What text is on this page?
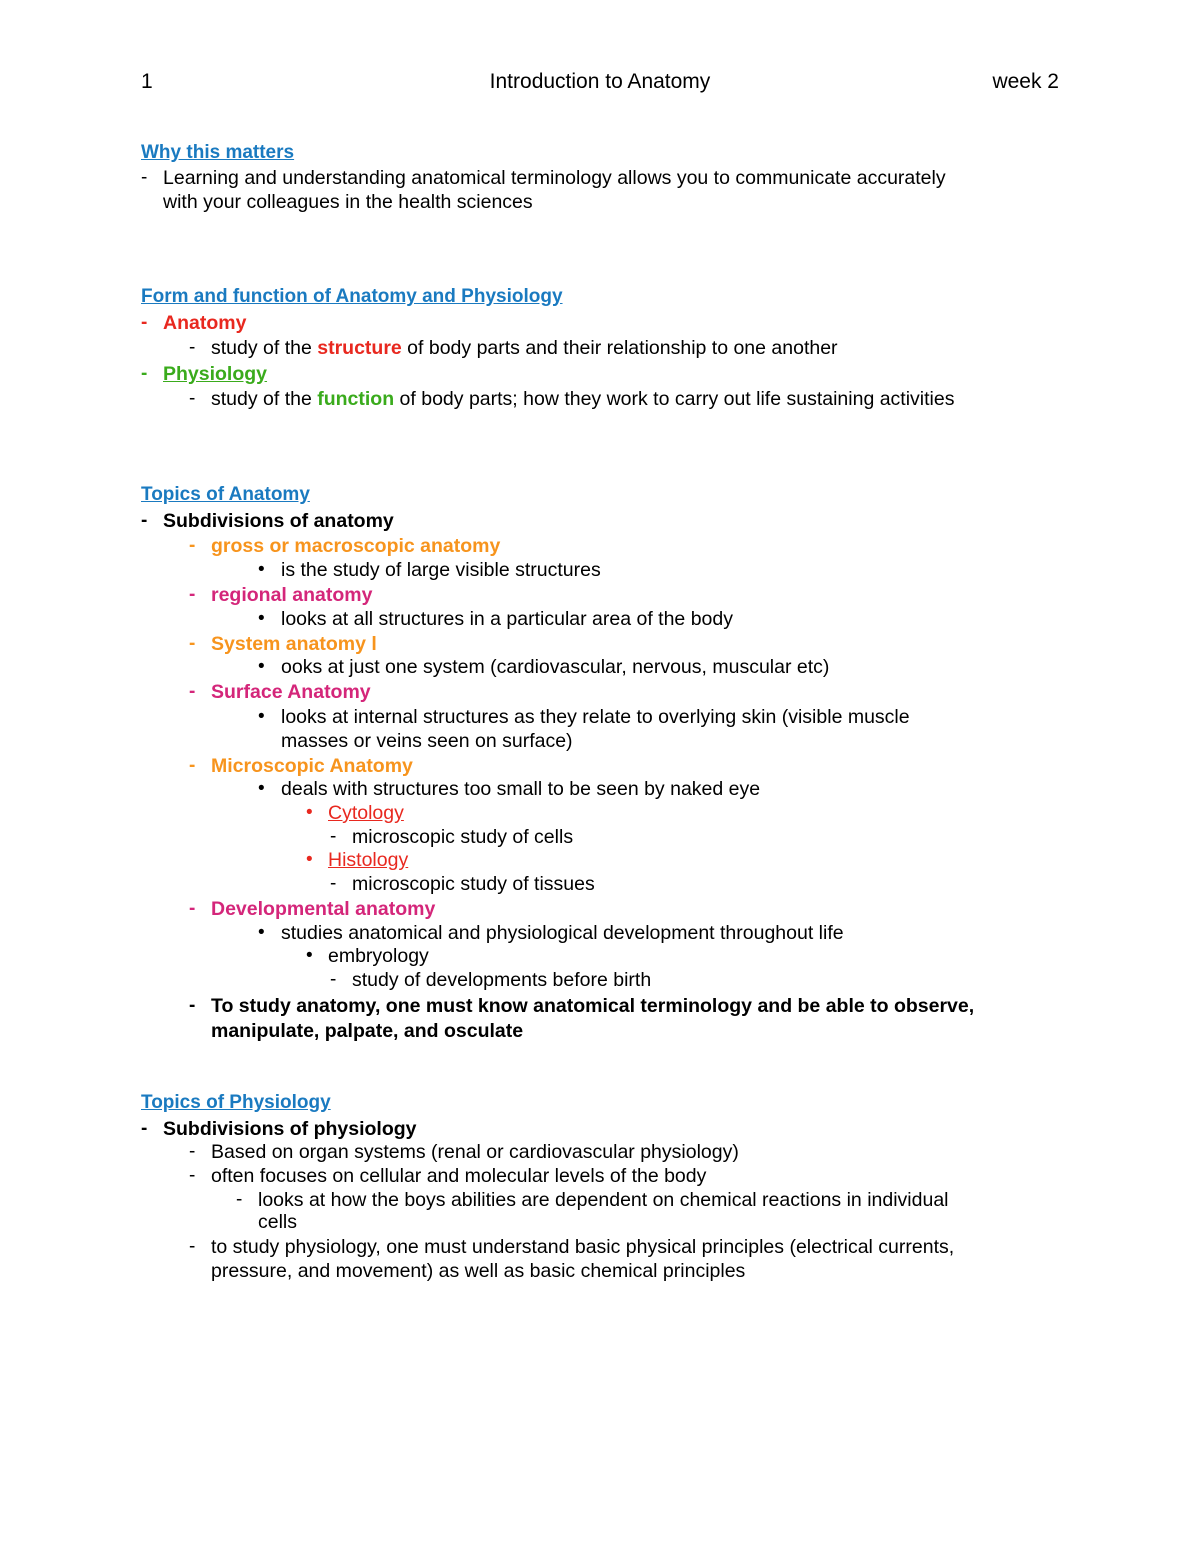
1	Introduction to Anatomy	week 2
Why this matters
- Learning and understanding anatomical terminology allows you to communicate accurately
with your colleagues in the health sciences
Form and function of Anatomy and Physiology
- Anatomy
- study of the structure of body parts and their relationship to one another
- Physiology
- study of the function of body parts; how they work to carry out life sustaining activities
Topics of Anatomy
- Subdivisions of anatomy
- gross or macroscopic anatomy
• is the study of large visible structures
- regional anatomy
• looks at all structures in a particular area of the body
- System anatomy l
• ooks at just one system (cardiovascular, nervous, muscular etc)
- Surface Anatomy
• looks at internal structures as they relate to overlying skin (visible muscle
masses or veins seen on surface)
- Microscopic Anatomy
• deals with structures too small to be seen by naked eye
• Cytology
- microscopic study of cells
• Histology
- microscopic study of tissues
- Developmental anatomy
• studies anatomical and physiological development throughout life
• embryology
- study of developments before birth
- To study anatomy, one must know anatomical terminology and be able to observe,
manipulate, palpate, and osculate
Topics of Physiology
- Subdivisions of physiology
- Based on organ systems (renal or cardiovascular physiology)
- often focuses on cellular and molecular levels of the body
- looks at how the boys abilities are dependent on chemical reactions in individual
cells
- to study physiology, one must understand basic physical principles (electrical currents,
pressure, and movement) as well as basic chemical principles
